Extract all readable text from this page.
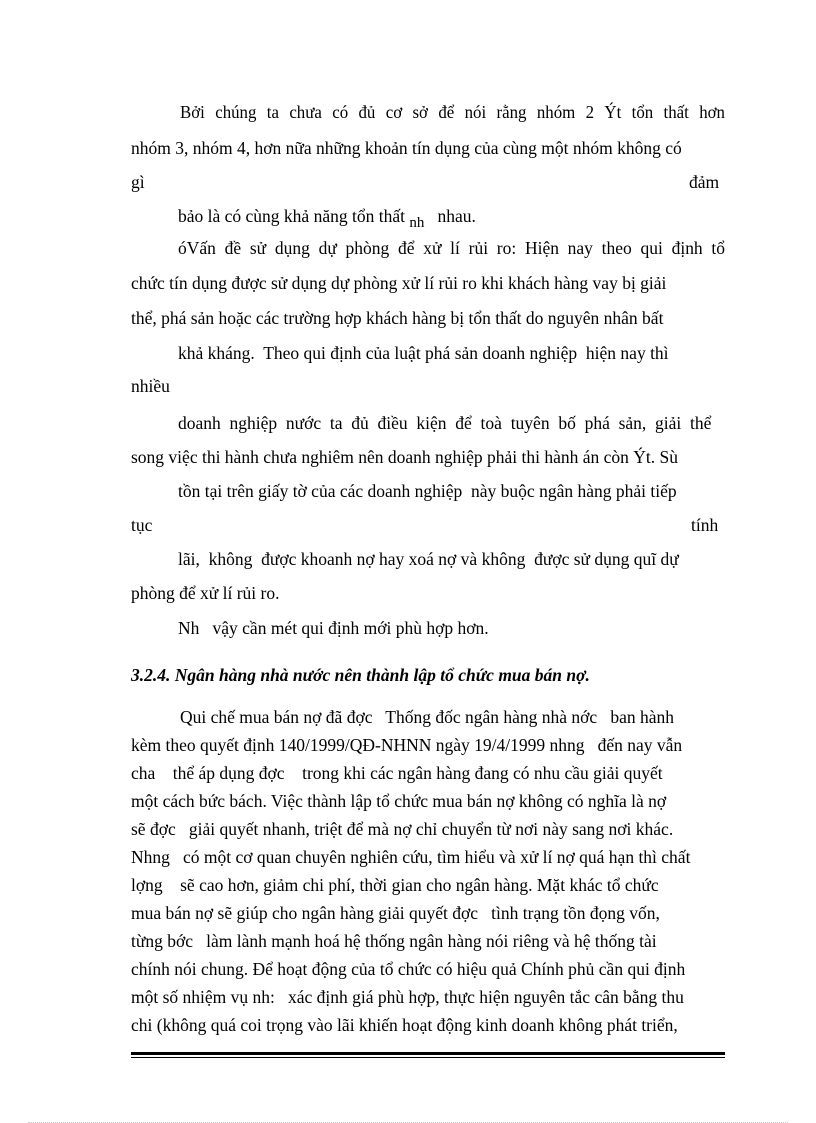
Bởi  chúng  ta  chưa  có  đủ  cơ  sở  để  nói  rằng  nhóm  2  Ýt  tổn  thất  hơn
nhóm 3, nhóm 4, hơn nữa những khoản tín dụng của cùng một nhóm không có
gì	đảm
bảo là có cùng khả năng tổn thất nh   nhau.
óVấn  đề  sử  dụng  dự  phòng  để  xử  lí  rủi  ro:  Hiện  nay  theo  qui  định  tổ
chức tín dụng được sử dụng dự phòng xử lí rủi ro khi khách hàng vay bị giải
thể, phá sản hoặc các trường hợp khách hàng bị tổn thất do nguyên nhân bất
khả kháng.  Theo qui định của luật phá sản doanh nghiệp  hiện nay thì
nhiều
doanh  nghiệp  nước  ta  đủ  điều  kiện  để  toà  tuyên  bố  phá  sản,  giải  thể
song việc thi hành chưa nghiêm nên doanh nghiệp phải thi hành án còn Ýt. Sù
tồn tại trên giấy tờ của các doanh nghiệp  này buộc ngân hàng phải tiếp
tục	tính
lãi,  không  được khoanh nợ hay xoá nợ và không  được sử dụng quĩ dự
phòng để xử lí rủi ro.
Nh   vậy cần mét qui định mới phù hợp hơn.
3.2.4. Ngân hàng nhà nước nên thành lập tổ chức mua bán nợ.
Qui chế mua bán nợ đã đợc   Thống đốc ngân hàng nhà nớc   ban hành
kèm theo quyết định 140/1999/QĐ-NHNN ngày 19/4/1999 nhng   đến nay vẫn
cha    thể áp dụng đợc    trong khi các ngân hàng đang có nhu cầu giải quyết
một cách bức bách. Việc thành lập tổ chức mua bán nợ không có nghĩa là nợ
sẽ đợc   giải quyết nhanh, triệt để mà nợ chỉ chuyển từ nơi này sang nơi khác.
Nhng   có một cơ quan chuyên nghiên cứu, tìm hiểu và xử lí nợ quá hạn thì chất
lợng    sẽ cao hơn, giảm chi phí, thời gian cho ngân hàng. Mặt khác tổ chức
mua bán nợ sẽ giúp cho ngân hàng giải quyết đợc   tình trạng tồn đọng vốn,
từng bớc   làm lành mạnh hoá hệ thống ngân hàng nói riêng và hệ thống tài
chính nói chung. Để hoạt động của tổ chức có hiệu quả Chính phủ cần qui định
một số nhiệm vụ nh:   xác định giá phù hợp, thực hiện nguyên tắc cân bằng thu
chi (không quá coi trọng vào lãi khiến hoạt động kinh doanh không phát triển,
